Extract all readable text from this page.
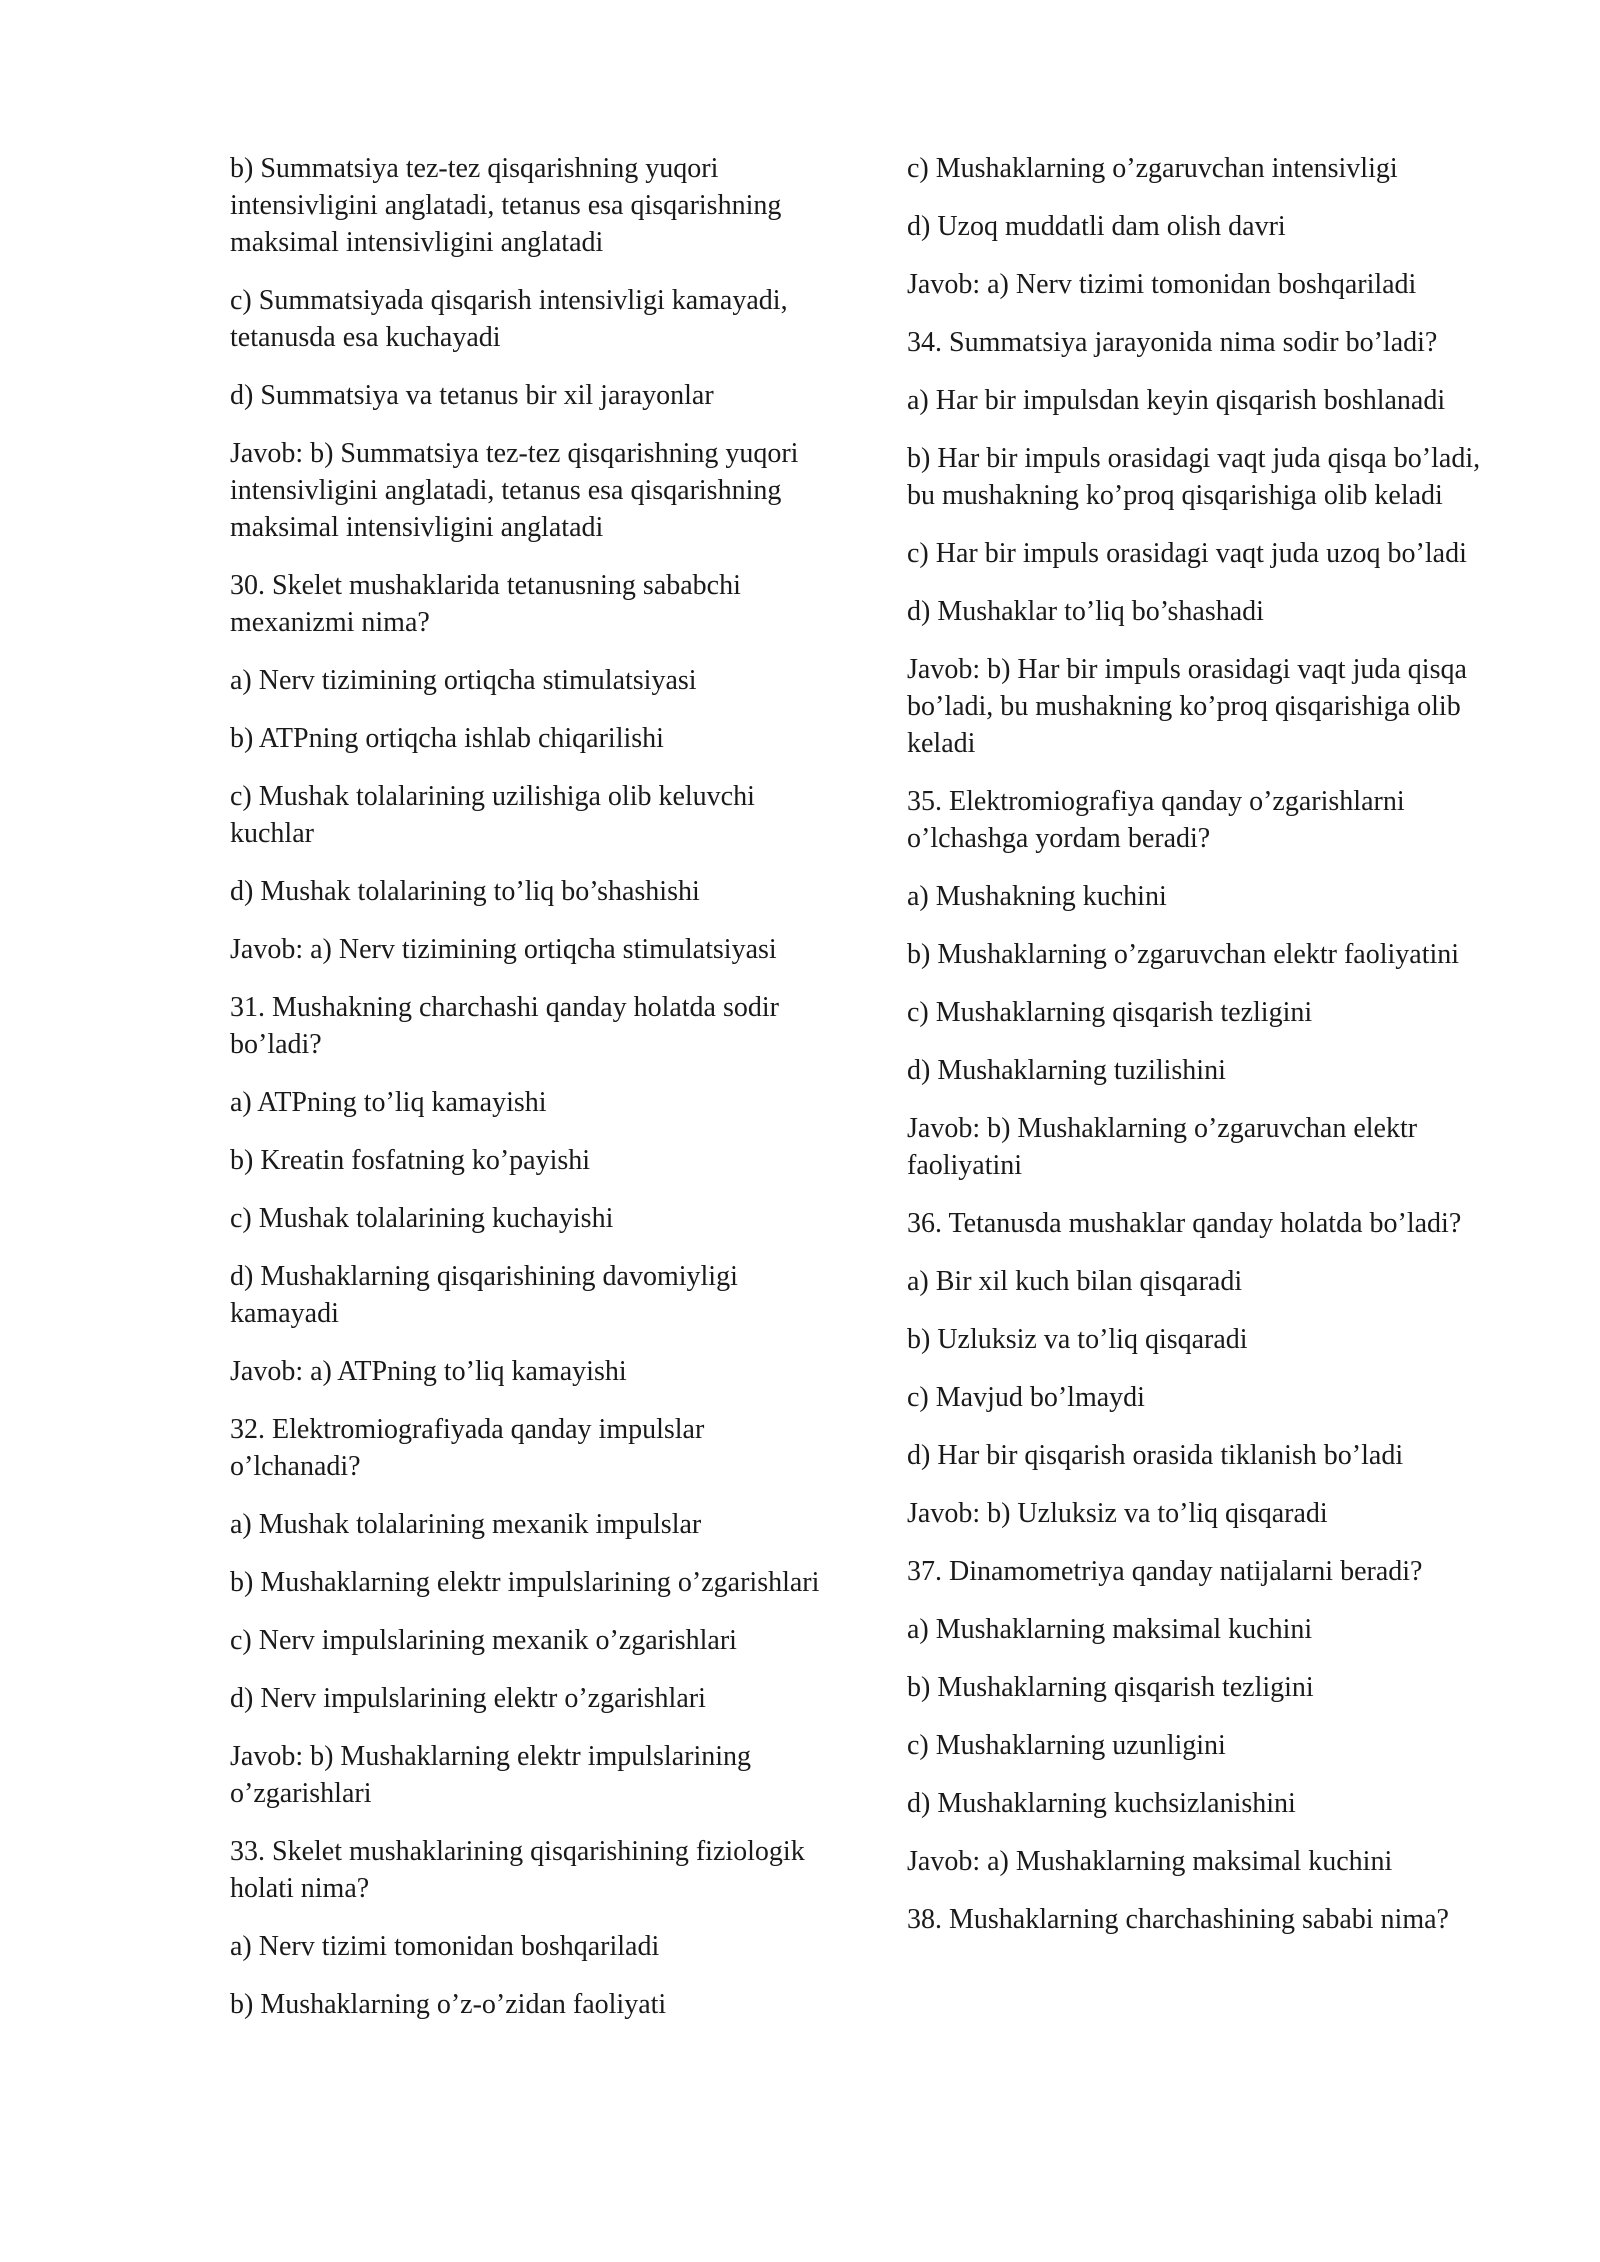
b) Summatsiya tez-tez qisqarishning yuqori intensivligini anglatadi, tetanus esa qisqarishning maksimal intensivligini anglatadi

c) Summatsiyada qisqarish intensivligi kamayadi, tetanusda esa kuchayadi

d) Summatsiya va tetanus bir xil jarayonlar

Javob: b) Summatsiya tez-tez qisqarishning yuqori intensivligini anglatadi, tetanus esa qisqarishning maksimal intensivligini anglatadi

30. Skelet mushaklarida tetanusning sababchi mexanizmi nima?

a) Nerv tizimining ortiqcha stimulatsiyasi

b) ATPning ortiqcha ishlab chiqarilishi

c) Mushak tolalarining uzilishiga olib keluvchi kuchlar

d) Mushak tolalarining to’liq bo’shashishi

Javob: a) Nerv tizimining ortiqcha stimulatsiyasi

31. Mushakning charchashi qanday holatda sodir bo’ladi?

a) ATPning to’liq kamayishi

b) Kreatin fosfatning ko’payishi

c) Mushak tolalarining kuchayishi

d) Mushaklarning qisqarishining davomiyligi kamayadi

Javob: a) ATPning to’liq kamayishi

32. Elektromiografiyada qanday impulslar o’lchanadi?

a) Mushak tolalarining mexanik impulslar

b) Mushaklarning elektr impulslarining o’zgarishlari

c) Nerv impulslarining mexanik o’zgarishlari

d) Nerv impulslarining elektr o’zgarishlari

Javob: b) Mushaklarning elektr impulslarining o’zgarishlari

33. Skelet mushaklarining qisqarishining fiziologik holati nima?

a) Nerv tizimi tomonidan boshqariladi

b) Mushaklarning o’z-o’zidan faoliyati

c) Mushaklarning o’zgaruvchan intensivligi

d) Uzoq muddatli dam olish davri

Javob: a) Nerv tizimi tomonidan boshqariladi

34. Summatsiya jarayonida nima sodir bo’ladi?

a) Har bir impulsdan keyin qisqarish boshlanadi

b) Har bir impuls orasidagi vaqt juda qisqa bo’ladi, bu mushakning ko’proq qisqarishiga olib keladi

c) Har bir impuls orasidagi vaqt juda uzoq bo’ladi

d) Mushaklar to’liq bo’shashadi

Javob: b) Har bir impuls orasidagi vaqt juda qisqa bo’ladi, bu mushakning ko’proq qisqarishiga olib keladi

35. Elektromiografiya qanday o’zgarishlarni o’lchashga yordam beradi?

a) Mushakning kuchini

b) Mushaklarning o’zgaruvchan elektr faoliyatini

c) Mushaklarning qisqarish tezligini

d) Mushaklarning tuzilishini

Javob: b) Mushaklarning o’zgaruvchan elektr faoliyatini

36. Tetanusda mushaklar qanday holatda bo’ladi?

a) Bir xil kuch bilan qisqaradi

b) Uzluksiz va to’liq qisqaradi

c) Mavjud bo’lmaydi

d) Har bir qisqarish orasida tiklanish bo’ladi

Javob: b) Uzluksiz va to’liq qisqaradi

37. Dinamometriya qanday natijalarni beradi?

a) Mushaklarning maksimal kuchini

b) Mushaklarning qisqarish tezligini

c) Mushaklarning uzunligini

d) Mushaklarning kuchsizlanishini

Javob: a) Mushaklarning maksimal kuchini

38. Mushaklarning charchashining sababi nima?
